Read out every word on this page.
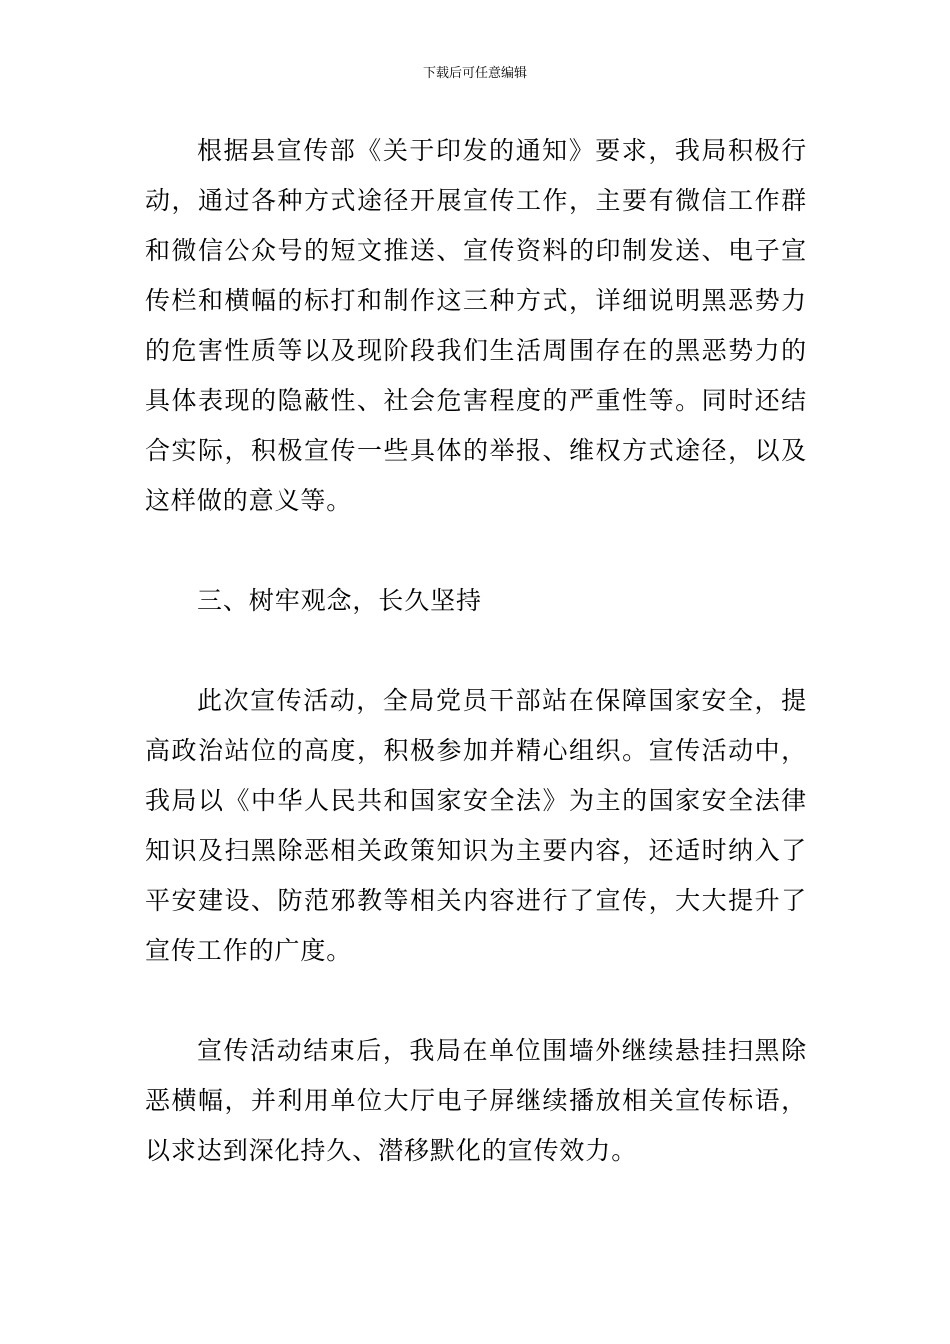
下载后可任意编辑

根据县宣传部《关于印发的通知》要求，我局积极行动，通过各种方式途径开展宣传工作，主要有微信工作群和微信公众号的短文推送、宣传资料的印制发送、电子宣传栏和横幅的标打和制作这三种方式，详细说明黑恶势力的危害性质等以及现阶段我们生活周围存在的黑恶势力的具体表现的隐蔽性、社会危害程度的严重性等。同时还结合实际，积极宣传一些具体的举报、维权方式途径，以及这样做的意义等。

三、树牢观念，长久坚持

此次宣传活动，全局党员干部站在保障国家安全，提高政治站位的高度，积极参加并精心组织。宣传活动中，我局以《中华人民共和国家安全法》为主的国家安全法律知识及扫黑除恶相关政策知识为主要内容，还适时纳入了平安建设、防范邪教等相关内容进行了宣传，大大提升了宣传工作的广度。

宣传活动结束后，我局在单位围墙外继续悬挂扫黑除恶横幅，并利用单位大厅电子屏继续播放相关宣传标语，以求达到深化持久、潜移默化的宣传效力。
